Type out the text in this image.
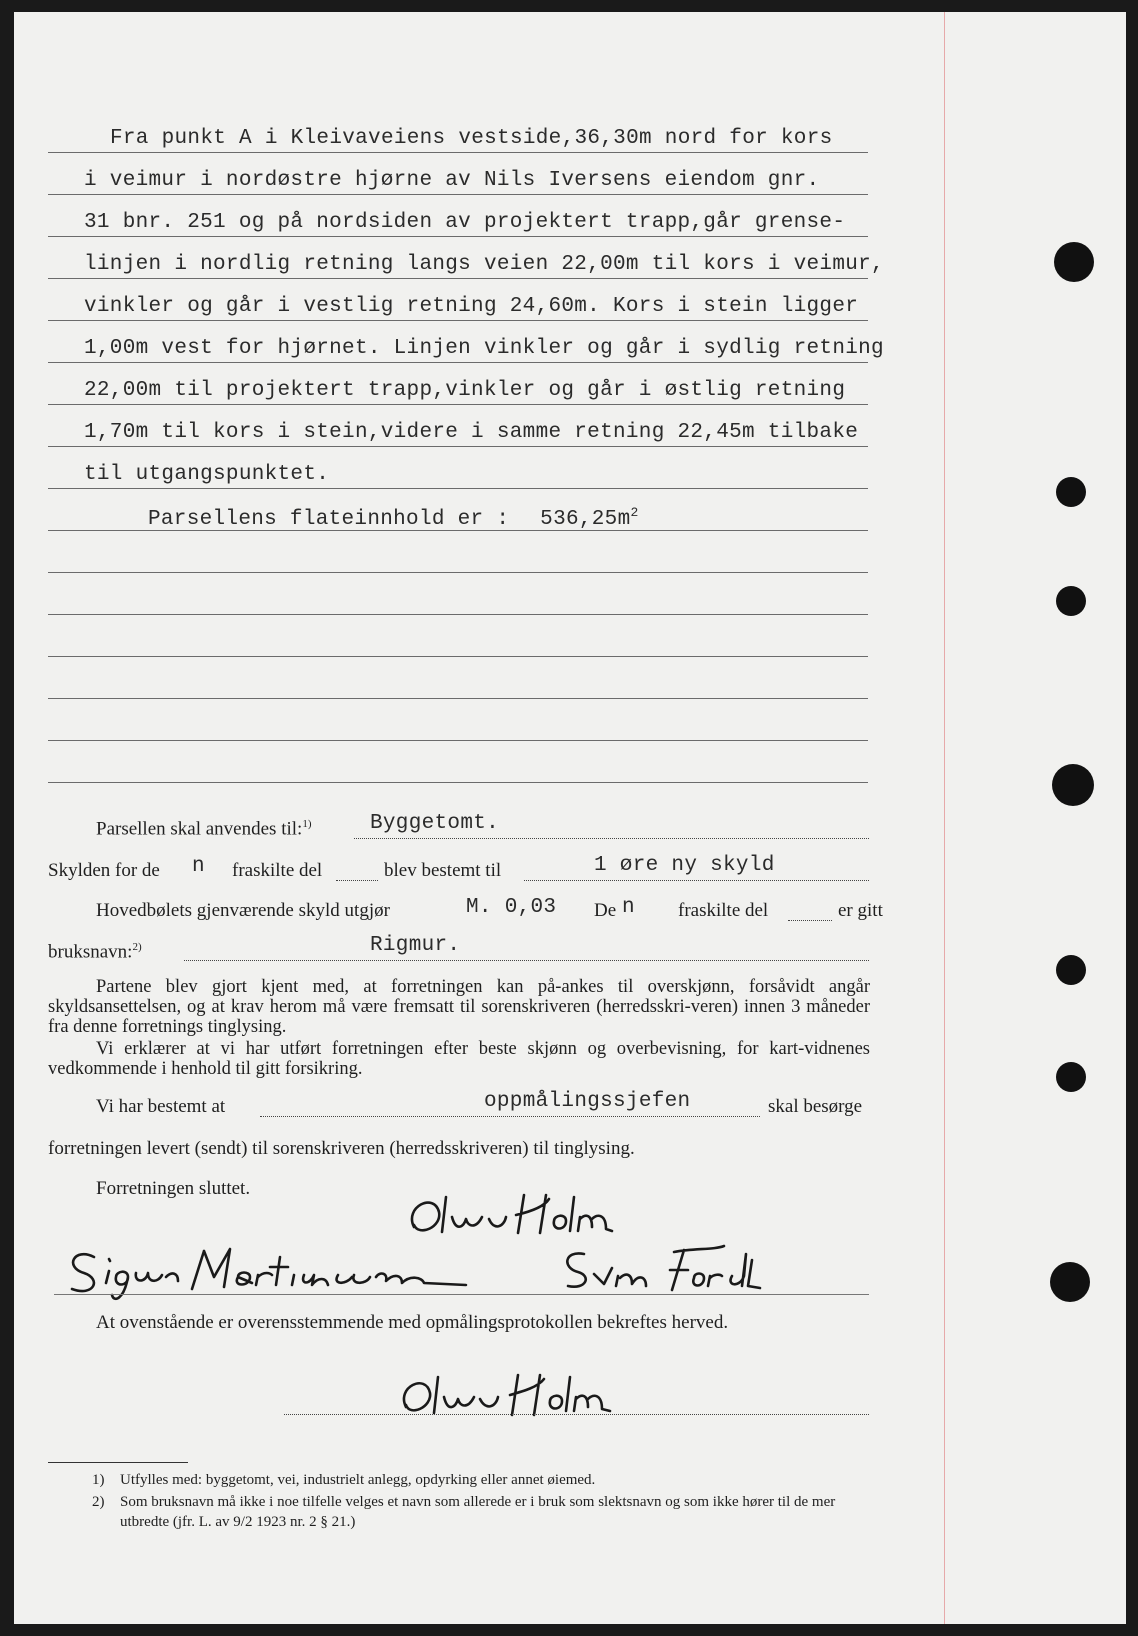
Fra punkt A i Kleivaveiens vestside,36,30m nord for kors
i veimur i nordøstre hjørne av Nils Iversens eiendom gnr.
31 bnr. 251 og på nordsiden av projektert trapp,går grense-
linjen i nordlig retning langs veien 22,00m til kors i veimur,
vinkler og går i vestlig retning 24,60m. Kors i stein ligger
1,00m vest for hjørnet. Linjen vinkler og går i sydlig retning
22,00m til projektert trapp,vinkler og går i østlig retning
1,70m til kors i stein,videre i samme retning 22,45m tilbake
til utgangspunktet.
Parsellens flateinnhold er : $536,25m^2$
Parsellen skal anvendes til:$^{1)}$	Byggetomt.
Skylden for de n fraskilte del	blev bestemt til	1 øre ny skyld
Hovedbølets gjenværende skyld utgjør	M. 0,03 De n fraskilte del	er gitt
bruksnavn:$^{2)}$	Rigmur.
Partene blev gjort kjent med, at forretningen kan på-ankes til overskjønn, forsåvidt angår skyldsansettelsen, og at krav herom må være fremsatt til sorenskriveren (herredsskri-veren) innen 3 måneder fra denne forretnings tinglysing.
Vi erklærer at vi har utført forretningen efter beste skjønn og overbevisning, for kart-vidnenes vedkommende i henhold til gitt forsikring.
Vi har bestemt at	oppmålingssjefen	skal besørge
forretningen levert (sendt) til sorenskriveren (herredsskriveren) til tinglysing.
Forretningen sluttet.
At ovenstående er overensstemmende med opmålingsprotokollen bekreftes herved.
1) Utfylles med: byggetomt, vei, industrielt anlegg, opdyrking eller annet øiemed.
2) Som bruksnavn må ikke i noe tilfelle velges et navn som allerede er i bruk som slektsnavn og som ikke hører til de mer utbredte (jfr. L. av 9/2 1923 nr. 2 § 21.)
